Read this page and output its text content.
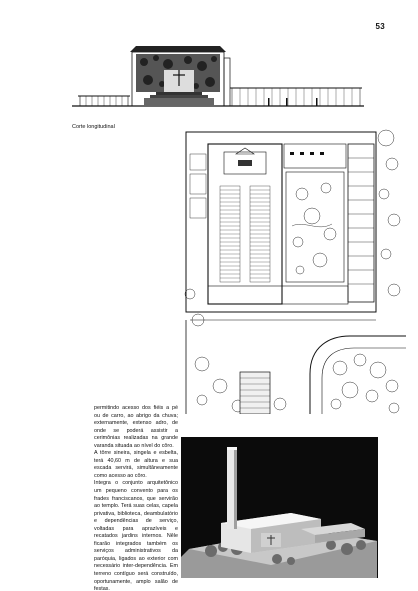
53
Corte longitudinal

permitindo acesso dos fiéis a pé ou de carro, ao abrigo da chuva; externamente, extenso adro, de onde se poderá assistir a cerimônias realizadas na grande varanda situada ao nível do côro.

A tôrre sineira, singela e esbelta, terá 40,60 m de altura e sua escada servirá, simultâneamente como acesso ao côro.

Integra o conjunto arquitetônico um pequeno convento para os frades franciscanos, que servirão ao templo. Terá suas celas, capela privativa, biblioteca, deambulatório e dependências de serviço, voltadas para aprazíveis e recatados jardins internos. Nêle ficarão integrados também os serviços administrativos da paróquia, ligados ao exterior com necessário inter-dependência. Em terreno contíguo será construído, oportunamente, amplo salão de festas.
